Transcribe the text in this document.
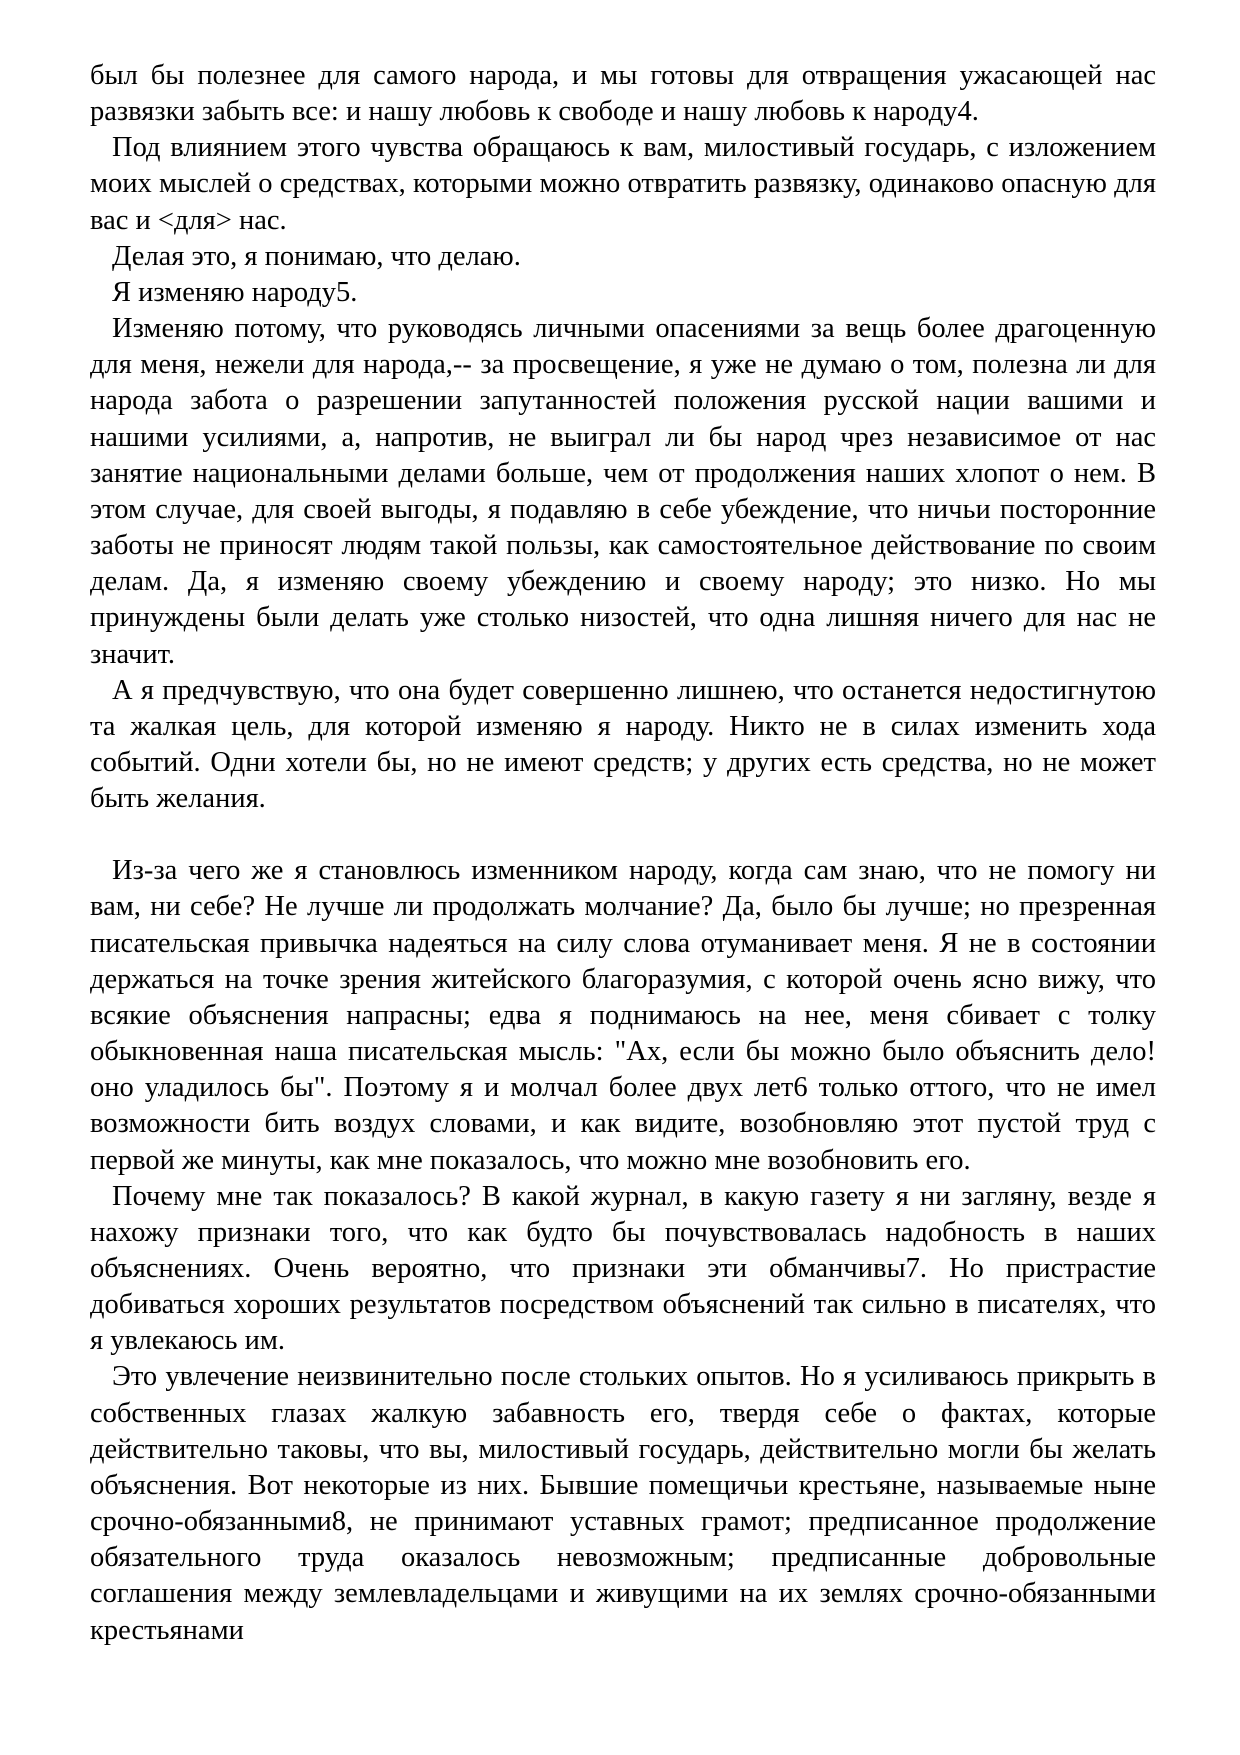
был бы полезнее для самого народа, и мы готовы для отвращения ужасающей нас развязки забыть все: и нашу любовь к свободе и нашу любовь к народу4.

Под влиянием этого чувства обращаюсь к вам, милостивый государь, с изложением моих мыслей о средствах, которыми можно отвратить развязку, одинаково опасную для вас и <для> нас.

Делая это, я понимаю, что делаю.

Я изменяю народу5.

Изменяю потому, что руководясь личными опасениями за вещь более драгоценную для меня, нежели для народа,-- за просвещение, я уже не думаю о том, полезна ли для народа забота о разрешении запутанностей положения русской нации вашими и нашими усилиями, а, напротив, не выиграл ли бы народ чрез независимое от нас занятие национальными делами больше, чем от продолжения наших хлопот о нем. В этом случае, для своей выгоды, я подавляю в себе убеждение, что ничьи посторонние заботы не приносят людям такой пользы, как самостоятельное действование по своим делам. Да, я изменяю своему убеждению и своему народу; это низко. Но мы принуждены были делать уже столько низостей, что одна лишняя ничего для нас не значит.

А я предчувствую, что она будет совершенно лишнею, что останется недостигнутою та жалкая цель, для которой изменяю я народу. Никто не в силах изменить хода событий. Одни хотели бы, но не имеют средств; у других есть средства, но не может быть желания.

Из-за чего же я становлюсь изменником народу, когда сам знаю, что не помогу ни вам, ни себе? Не лучше ли продолжать молчание? Да, было бы лучше; но презренная писательская привычка надеяться на силу слова отуманивает меня. Я не в состоянии держаться на точке зрения житейского благоразумия, с которой очень ясно вижу, что всякие объяснения напрасны; едва я поднимаюсь на нее, меня сбивает с толку обыкновенная наша писательская мысль: "Ах, если бы можно было объяснить дело! оно уладилось бы". Поэтому я и молчал более двух лет6 только оттого, что не имел возможности бить воздух словами, и как видите, возобновляю этот пустой труд с первой же минуты, как мне показалось, что можно мне возобновить его.

Почему мне так показалось? В какой журнал, в какую газету я ни загляну, везде я нахожу признаки того, что как будто бы почувствовалась надобность в наших объяснениях. Очень вероятно, что признаки эти обманчивы7. Но пристрастие добиваться хороших результатов посредством объяснений так сильно в писателях, что я увлекаюсь им.

Это увлечение неизвинительно после стольких опытов. Но я усиливаюсь прикрыть в собственных глазах жалкую забавность его, твердя себе о фактах, которые действительно таковы, что вы, милостивый государь, действительно могли бы желать объяснения. Вот некоторые из них. Бывшие помещичьи крестьяне, называемые ныне срочно-обязанными8, не принимают уставных грамот; предписанное продолжение обязательного труда оказалось невозможным; предписанные добровольные соглашения между землевладельцами и живущими на их землях срочно-обязанными крестьянами
